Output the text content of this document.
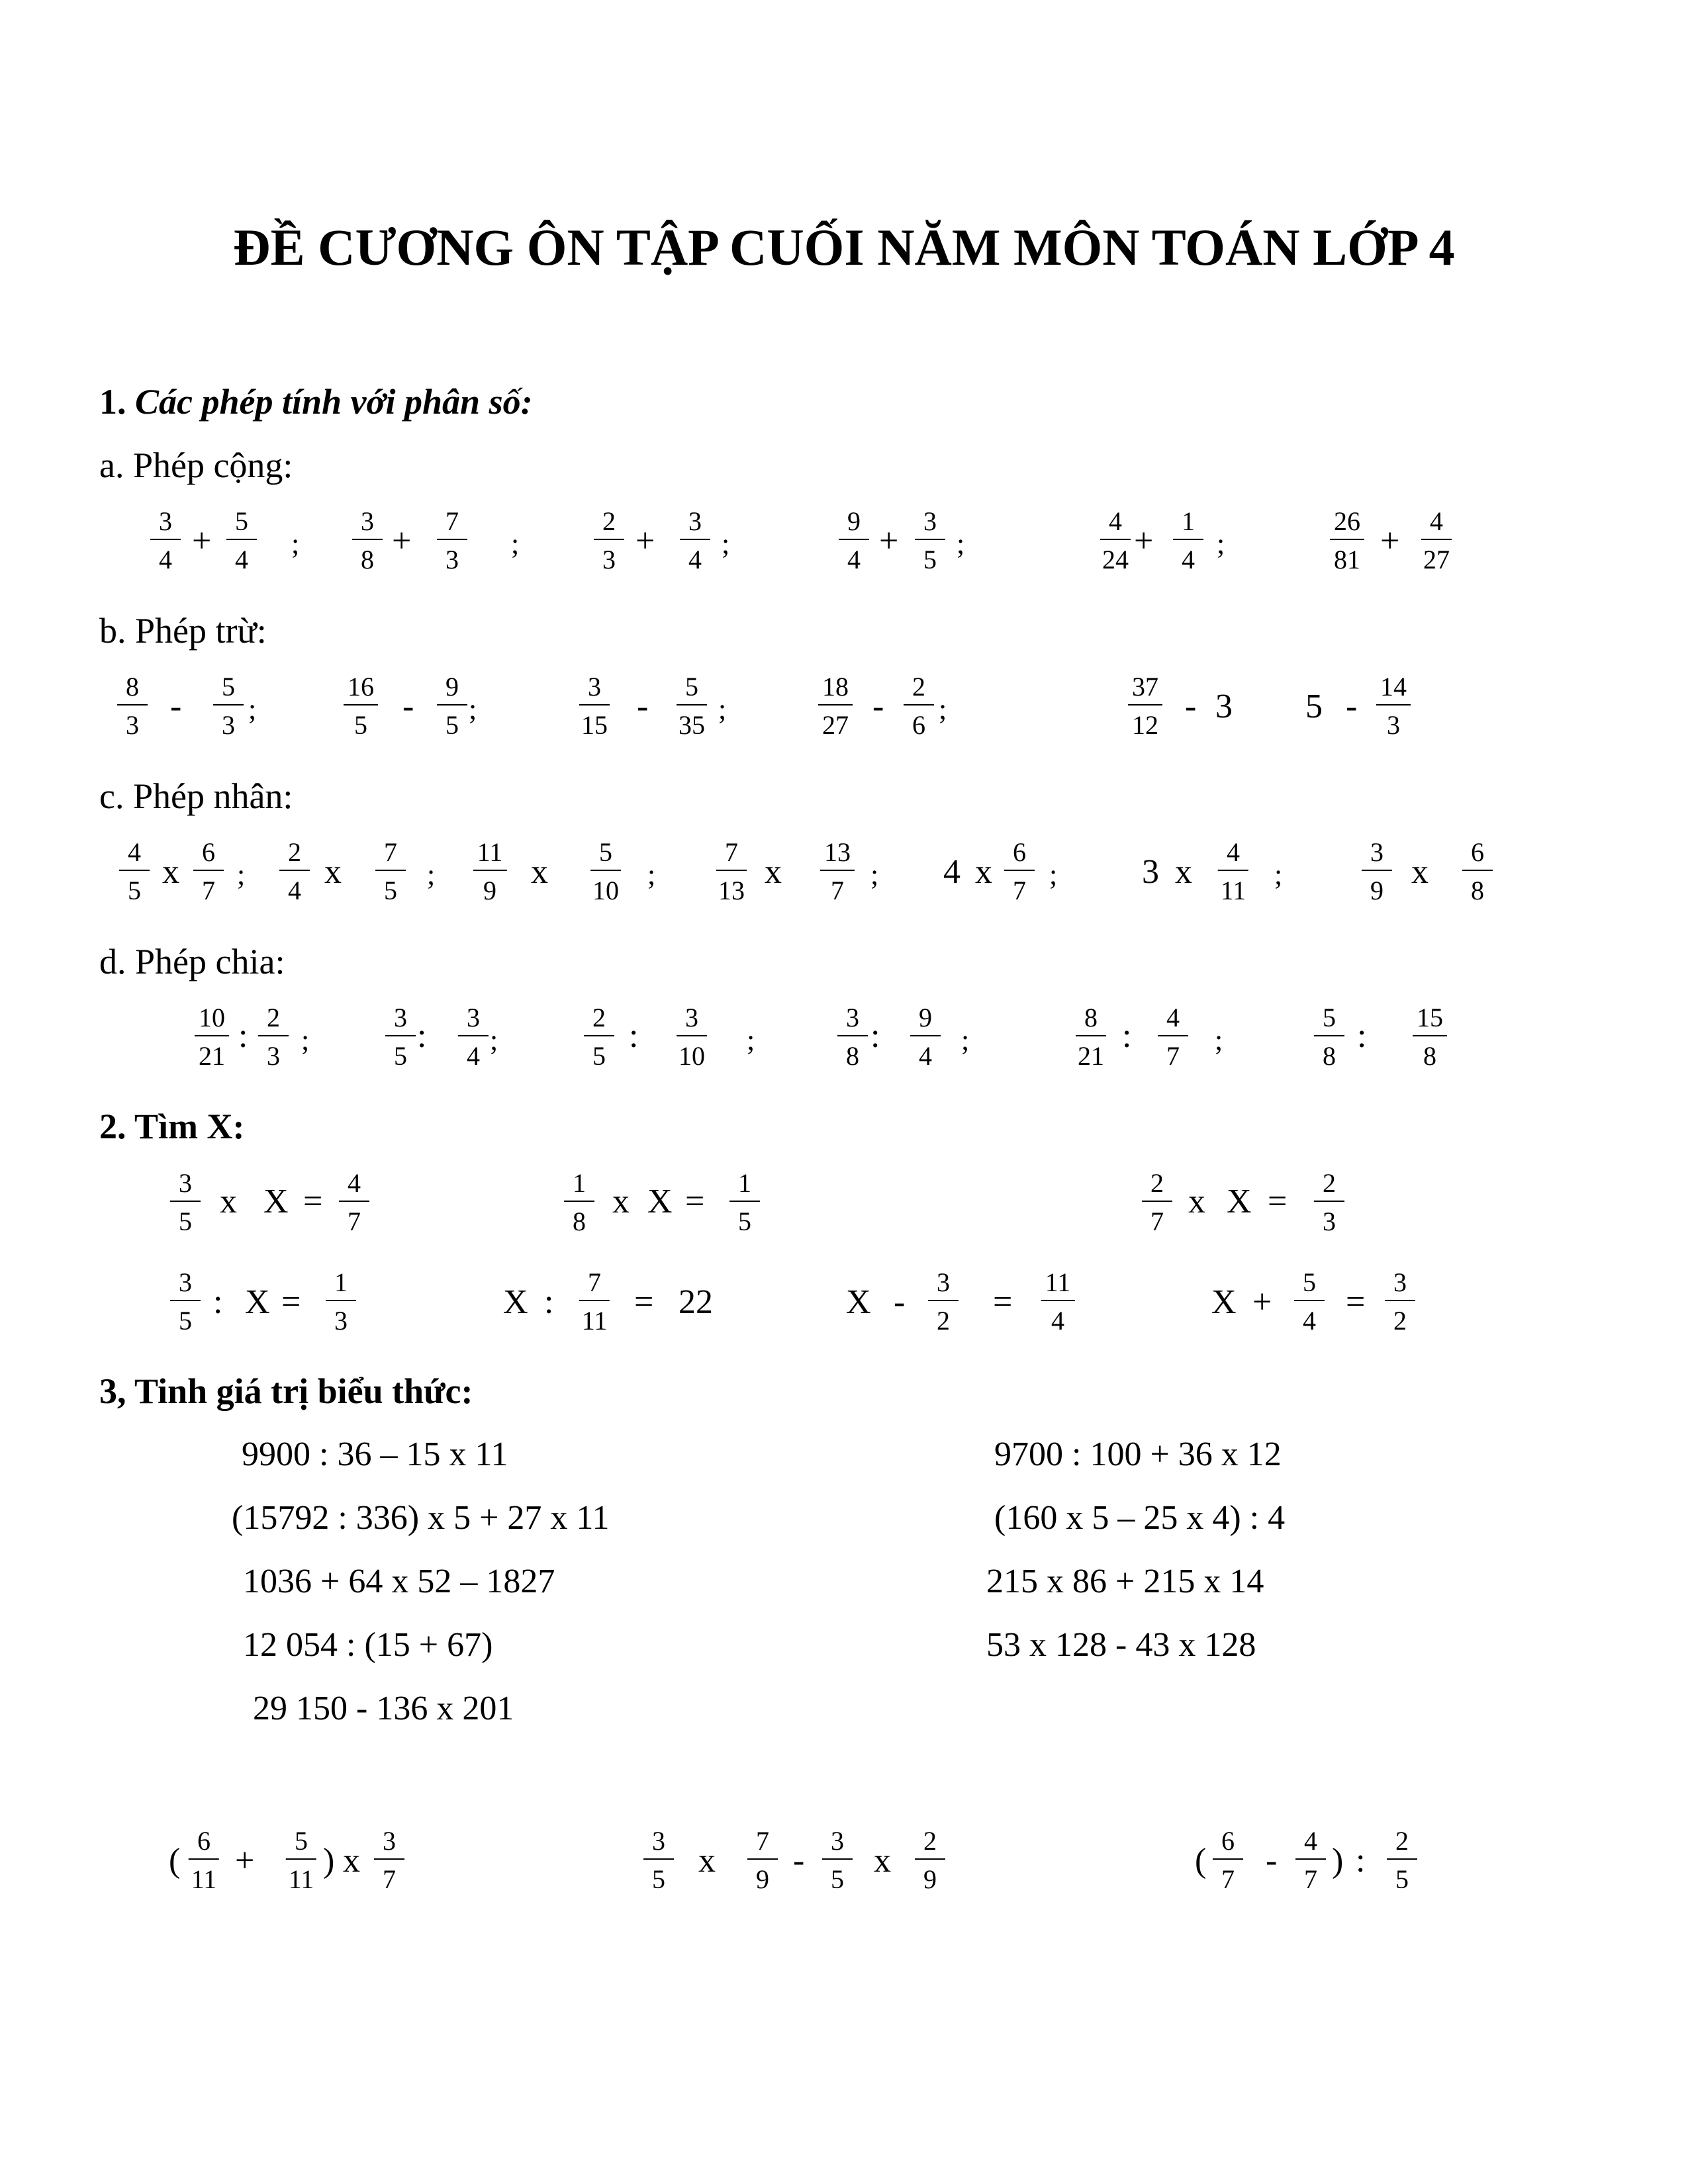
ĐỀ CƯƠNG ÔN TẬP CUỐI NĂM MÔN TOÁN LỚP 4
1. Các phép tính với phân số:
a. Phép cộng:
$\frac{3}{4} \frac{5}{4}$	$\frac{3}{8} \frac{7}{3}$	$\frac{2}{3} \frac{3}{4}$	$\frac{9}{4} \frac{3}{5}$	$\frac{4}{24} \frac{1}{4}$	$\frac{26}{81} \frac{4}{27}$
+	+	+	+	+	+
;	;	;	;	;
b. Phép trừ:
$\frac{8}{3} \frac{5}{3}$	$\frac{16}{5} \frac{9}{5}$	$\frac{3}{15} \frac{5}{35}$	$\frac{18}{27} \frac{2}{6}$	$\frac{37}{12}$	$\frac{14}{3}$
-	-	-	-	-	-
;	;	;	;	3 5
c. Phép nhân:
$\frac{4}{5} \frac{6}{7} \frac{2}{4} \frac{7}{5}$	$\frac{11}{9}$	$\frac{5}{10}$	$\frac{7}{13}$	$\frac{13}{7}$	$\frac{6}{7}$	$\frac{4}{11}$	$\frac{3}{9}$	$\frac{6}{8}$
x	x	x	x	x	x	x
;	;	;	;	;	;
4	3
d. Phép chia:
$\frac{10}{21} \frac{2}{3}$	$\frac{3}{5} \frac{3}{4}$	$\frac{2}{5} \frac{3}{10}$	$\frac{3}{8} \frac{9}{4}$	$\frac{8}{21} \frac{4}{7}$	$\frac{5}{8}$	$\frac{15}{8}$
:	:	:	:	:	:
;	;	;	;	;
2. Tìm X:
$\frac{3}{5}$ x $X = \frac{4}{7}$	$\frac{1}{8}$ x $X = \frac{1}{5}$	$\frac{2}{7}$ x $X = \frac{2}{3}$
$\frac{3}{5}$ : $X = \frac{1}{3}$	X : $\frac{7}{11} = 22$	$X - \frac{3}{2} = \frac{11}{4}$	$X + \frac{5}{4} = \frac{3}{2}$
3, Tinh giá trị biểu thức:
9900 : 36 – 15 x 11
(15792 : 336) x 5 + 27 x 11
1036 + 64 x 52 – 1827
12 054 : (15 + 67)
29 150 - 136 x 201
9700 : 100 + 36 x 12
(160 x 5 – 25 x 4) : 4
215 x 86 + 215 x 14
53 x 128 - 43 x 128
( $\frac{6}{11} + \frac{5}{11}$ ) x $\frac{3}{7}$	$\frac{3}{5}$ x $\frac{7}{9} - \frac{3}{5}$ x $\frac{2}{9}$	( $\frac{6}{7} - \frac{4}{7}$ ) : $\frac{2}{5}$
